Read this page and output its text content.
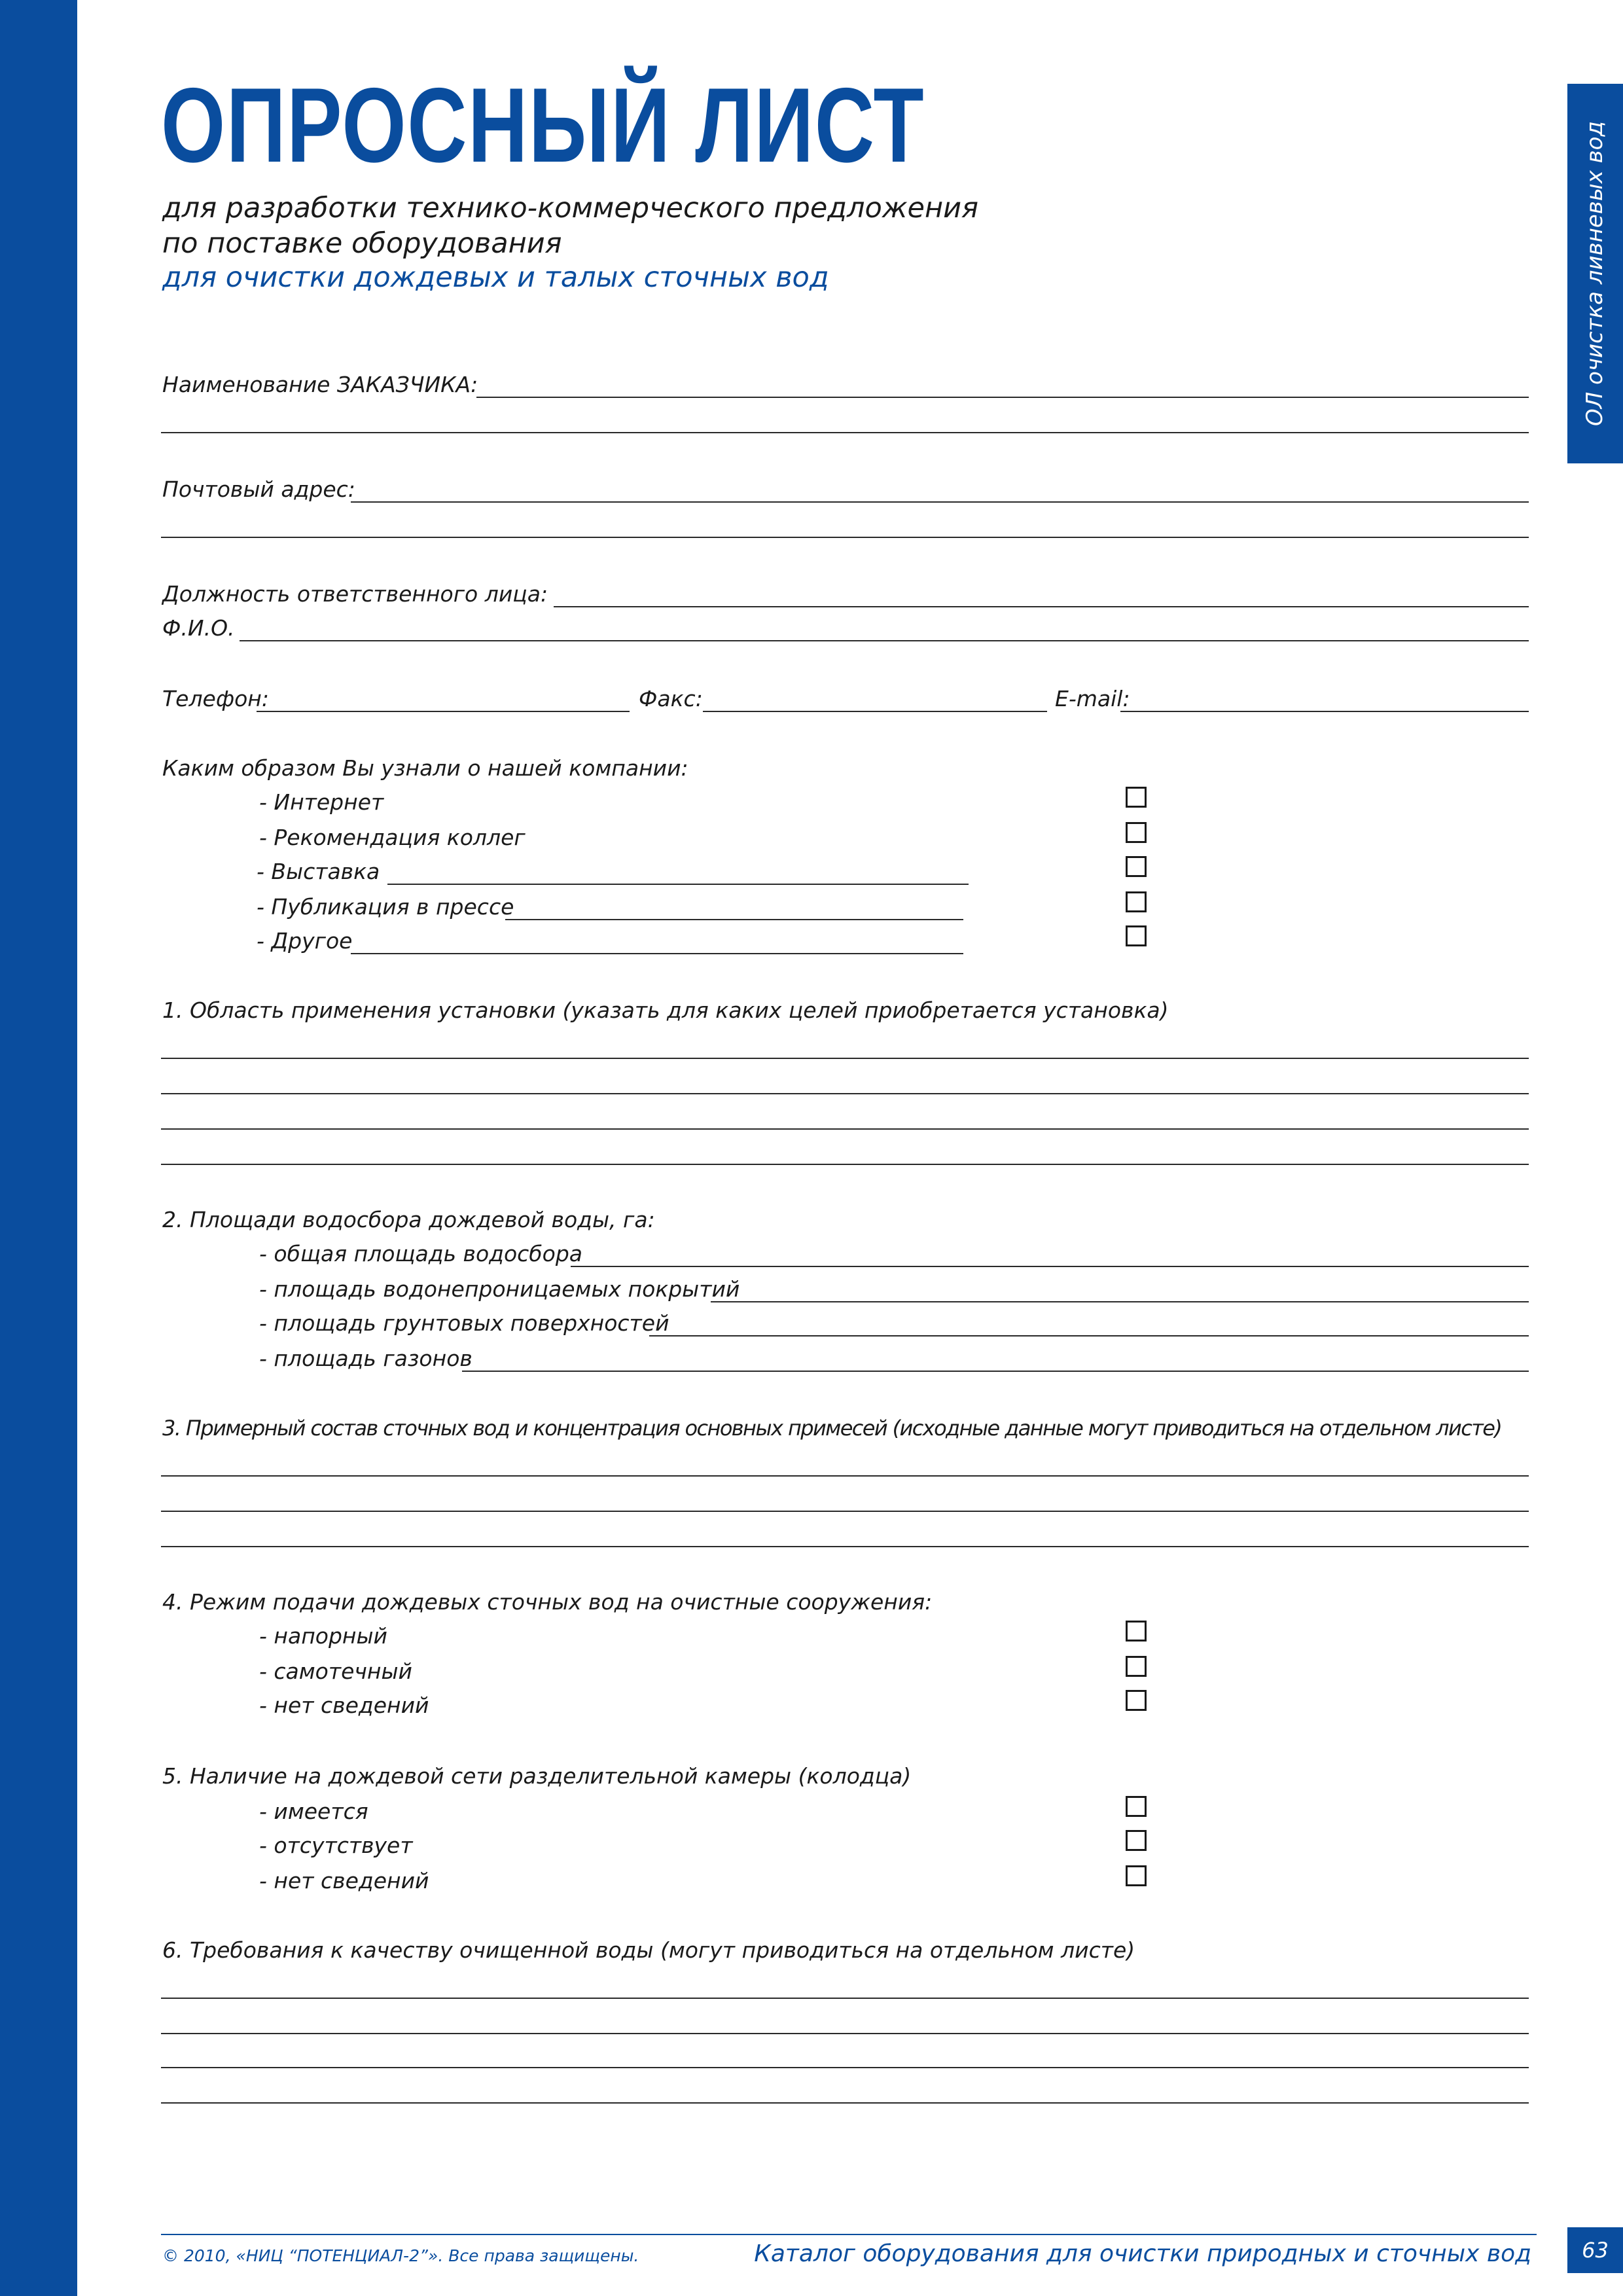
ОЛ очистка ливневых вод
ОПРОСНЫЙ ЛИСТ
для разработки технико-коммерческого предложения
по поставке оборудования
для очистки дождевых и талых сточных вод
Наименование ЗАКАЗЧИКА:
Почтовый адрес:
Должность ответственного лица:
Ф.И.О.
Телефон:	Факс:	E-mail:
Каким образом Вы узнали о нашей компании:
- Интернет
- Рекомендация коллег
- Выставка
- Публикация в прессе
- Другое
1. Область применения установки (указать для каких целей приобретается установка)
2. Площади водосбора дождевой воды, га:
- общая площадь водосбора
- площадь водонепроницаемых покрытий
- площадь грунтовых поверхностей
- площадь газонов
3. Примерный состав сточных вод и концентрация основных примесей (исходные данные могут приводиться на отдельном листе)
4. Режим подачи дождевых сточных вод на очистные сооружения:
- напорный
- самотечный
- нет сведений
5. Наличие на дождевой сети разделительной камеры (колодца)
- имеется
- отсутствует
- нет сведений
6. Требования к качеству очищенной воды (могут приводиться на отдельном листе)
© 2010, «НИЦ “ПОТЕНЦИАЛ-2”». Все права защищены.	Каталог оборудования для очистки природных и сточных вод	63
